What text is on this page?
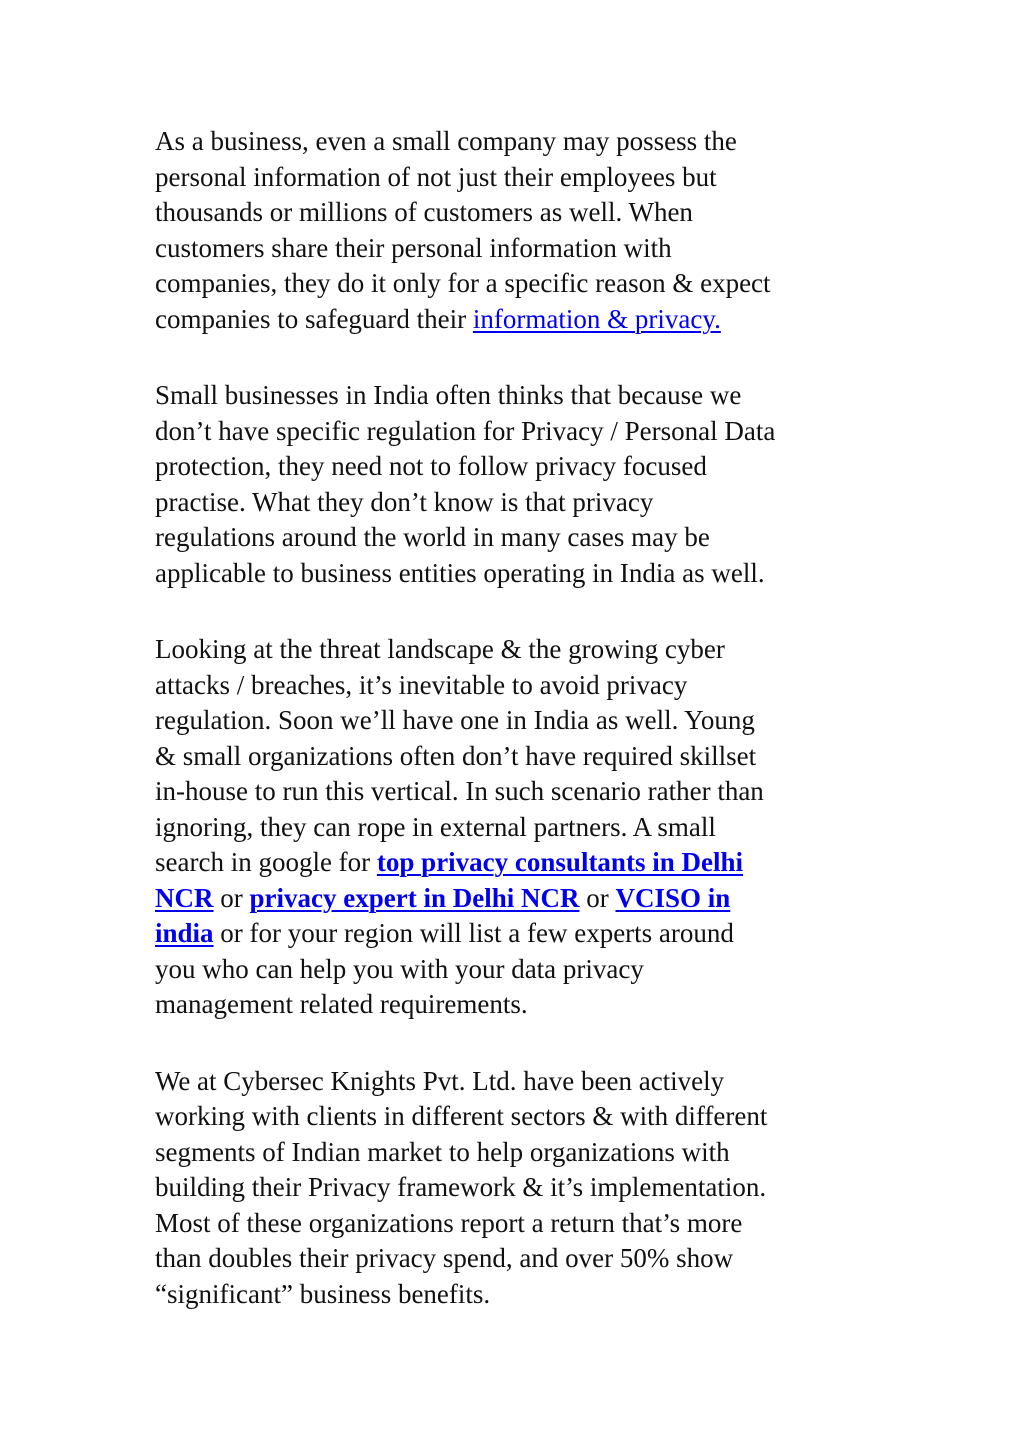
As a business, even a small company may possess the
personal information of not just their employees but
thousands or millions of customers as well. When
customers share their personal information with
companies, they do it only for a specific reason & expect
companies to safeguard their information & privacy.

Small businesses in India often thinks that because we
don’t have specific regulation for Privacy / Personal Data
protection, they need not to follow privacy focused
practise. What they don’t know is that privacy
regulations around the world in many cases may be
applicable to business entities operating in India as well.

Looking at the threat landscape & the growing cyber
attacks / breaches, it’s inevitable to avoid privacy
regulation. Soon we’ll have one in India as well. Young
& small organizations often don’t have required skillset
in-house to run this vertical. In such scenario rather than
ignoring, they can rope in external partners. A small
search in google for top privacy consultants in Delhi
NCR or privacy expert in Delhi NCR or VCISO in
india or for your region will list a few experts around
you who can help you with your data privacy
management related requirements.

We at Cybersec Knights Pvt. Ltd. have been actively
working with clients in different sectors & with different
segments of Indian market to help organizations with
building their Privacy framework & it’s implementation.
Most of these organizations report a return that’s more
than doubles their privacy spend, and over 50% show
“significant” business benefits.
